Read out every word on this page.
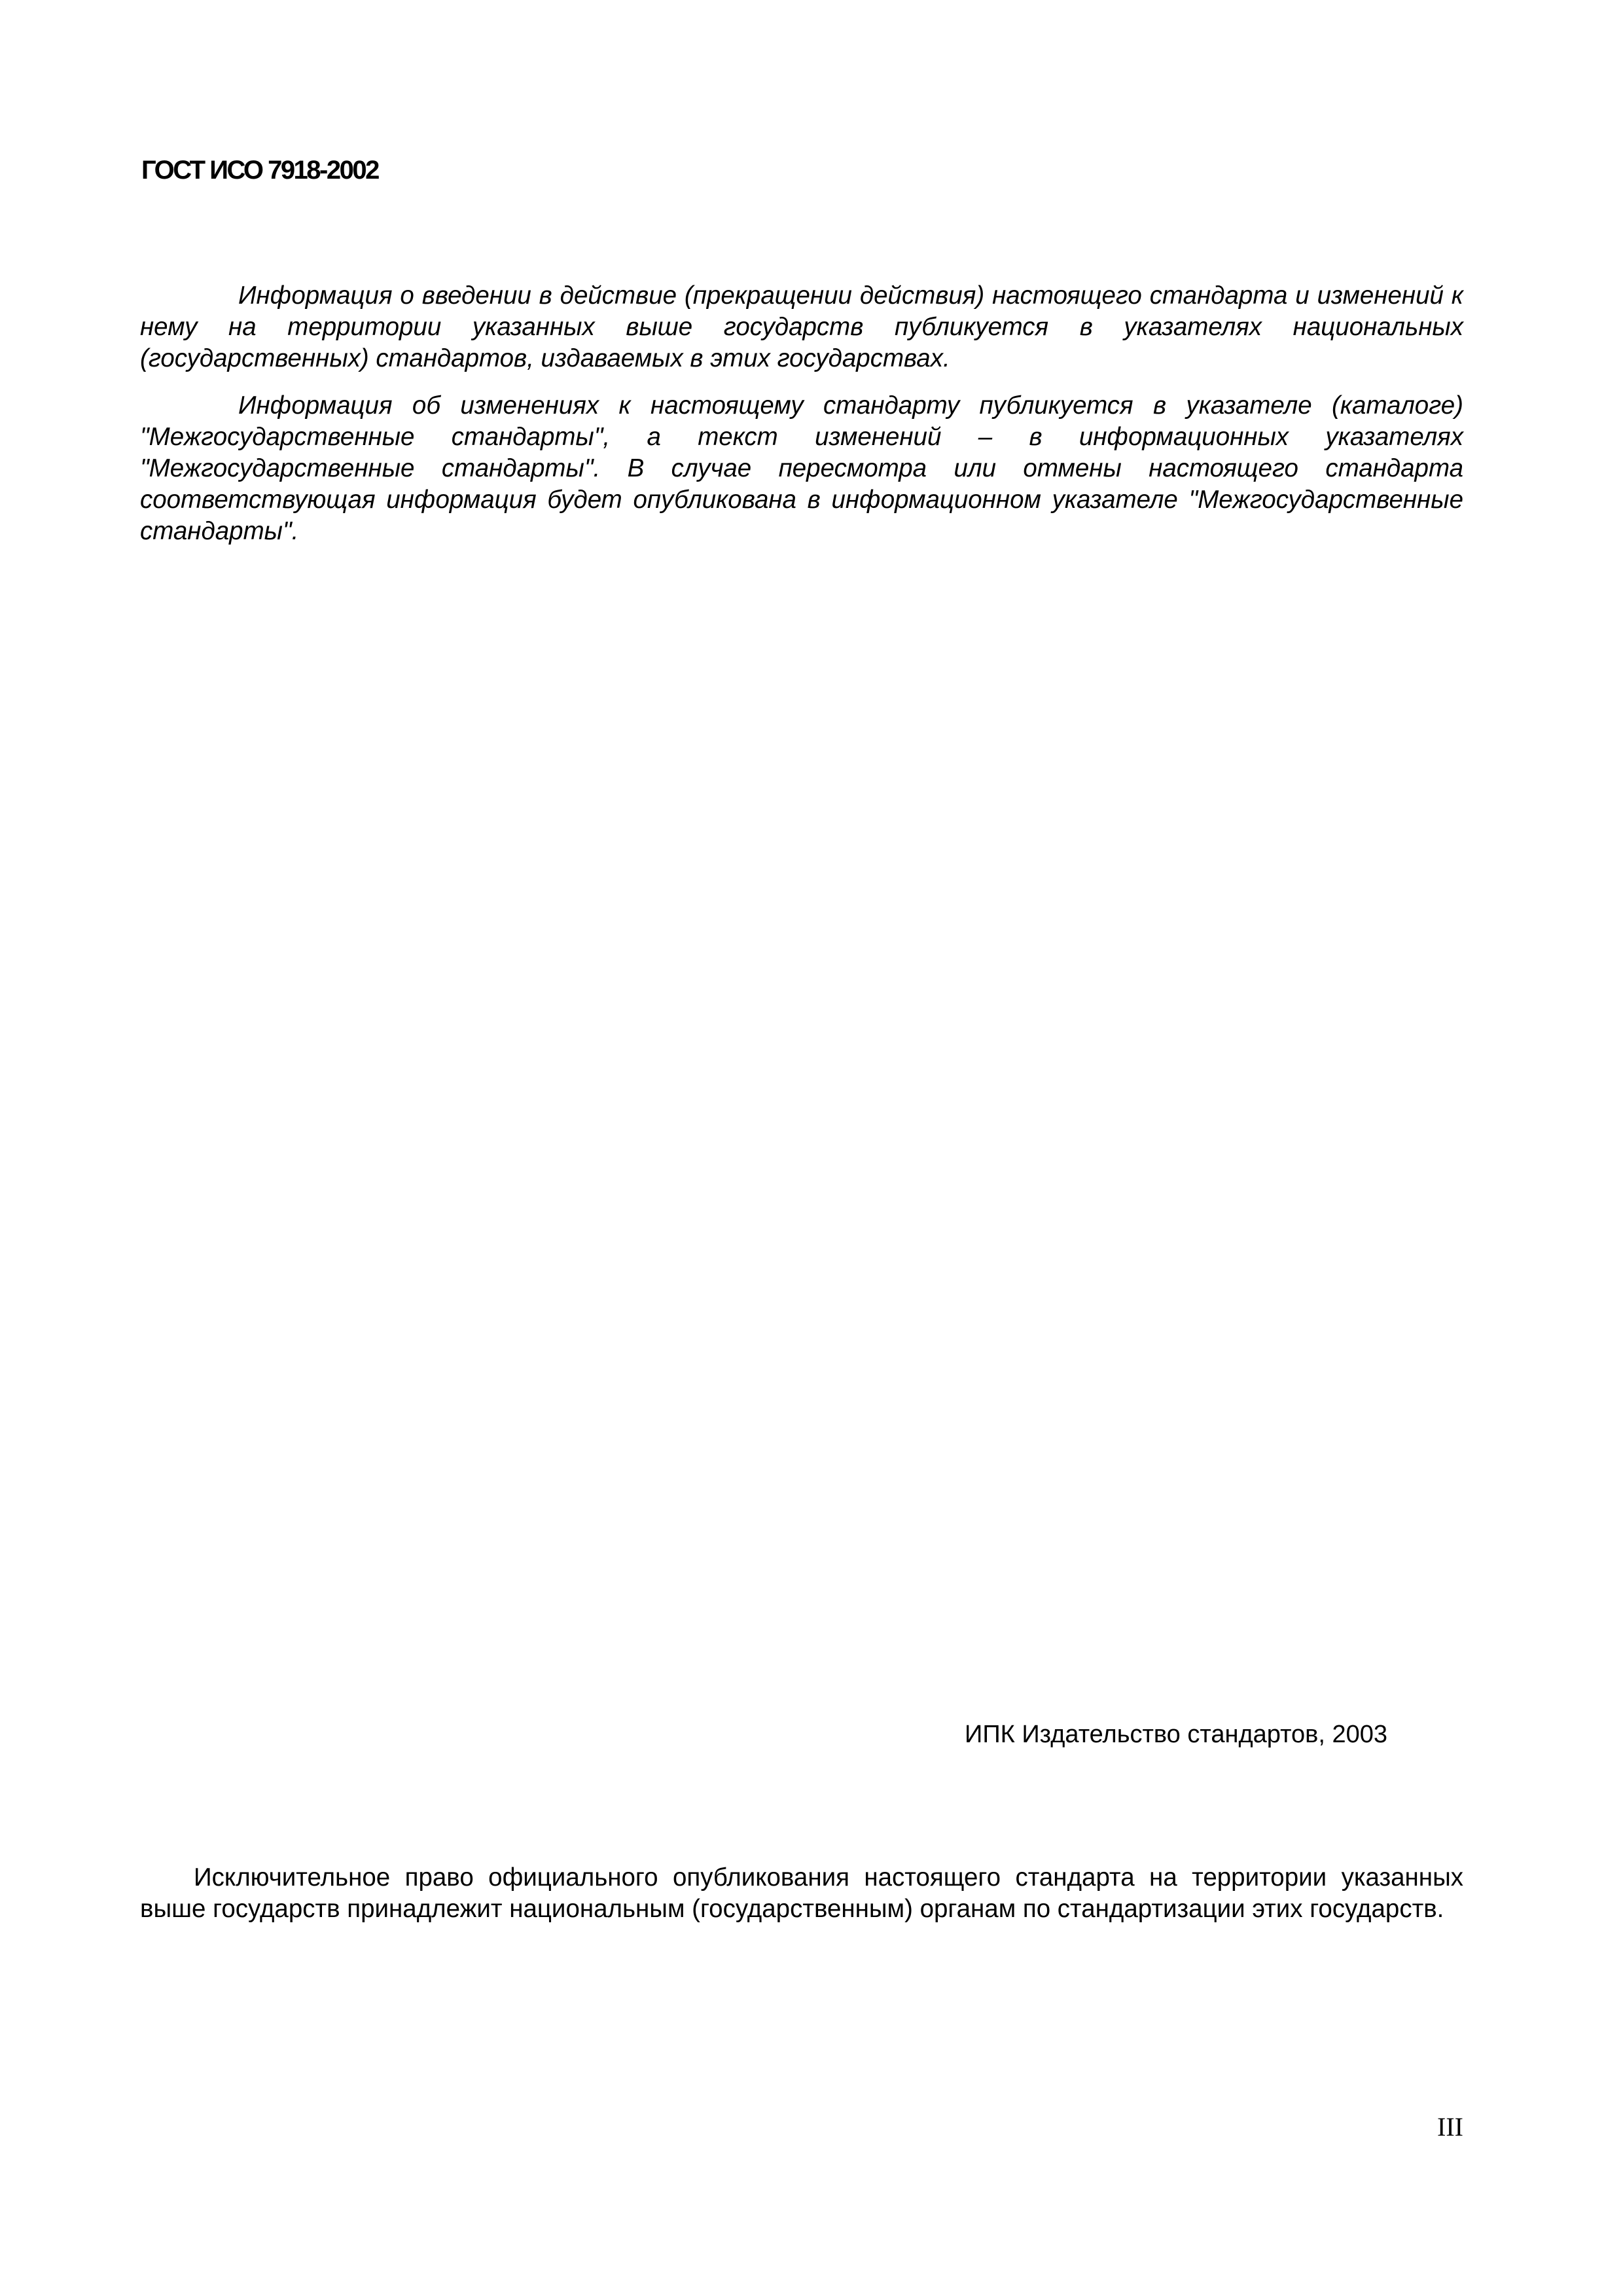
ГОСТ ИСО 7918-2002

Информация о введении в действие (прекращении действия) настоящего стандарта и изменений к нему на территории указанных выше государств публикуется в указателях национальных (государственных) стандартов, издаваемых в этих государствах.

Информация об изменениях к настоящему стандарту публикуется в указателе (каталоге) "Межгосударственные стандарты", а текст изменений – в информационных указателях "Межгосударственные стандарты". В случае пересмотра или отмены настоящего стандарта соответствующая информация будет опубликована в информационном указателе "Межгосударственные стандарты".

ИПК Издательство стандартов, 2003

Исключительное право официального опубликования настоящего стандарта на территории указанных выше государств принадлежит национальным (государственным) органам по стандартизации этих государств.

III
